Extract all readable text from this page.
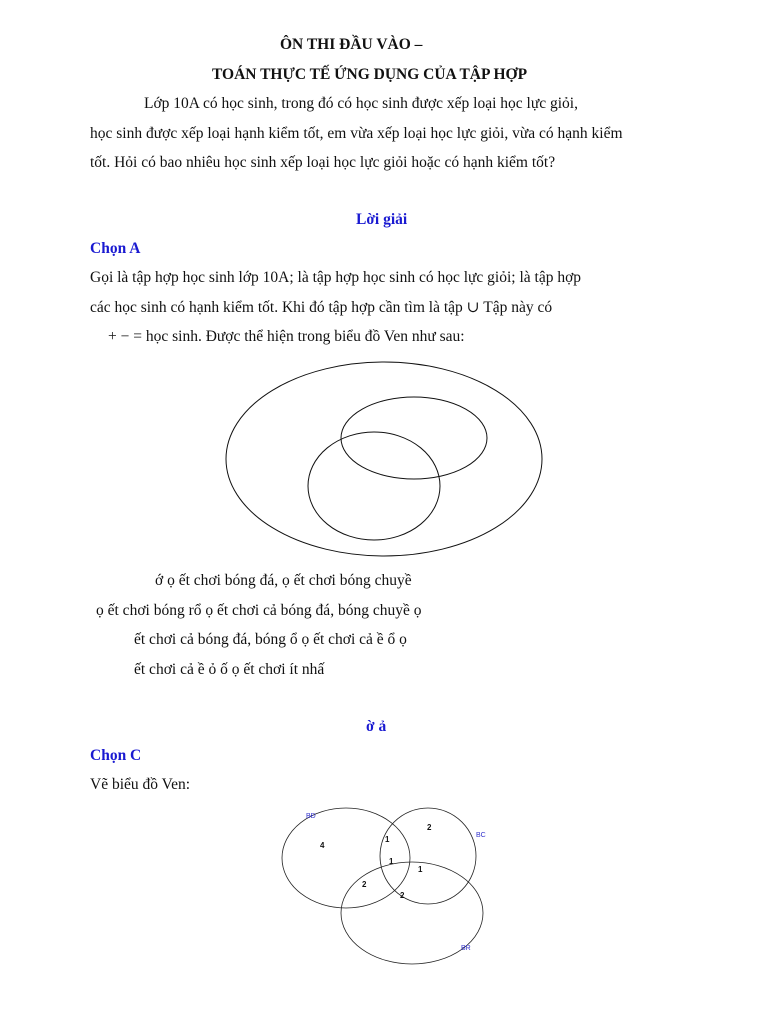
ÔN THI ĐẦU VÀO –
TOÁN THỰC TẾ ỨNG DỤNG CỦA TẬP HỢP
Lớp 10A có học sinh, trong đó có học sinh được xếp loại học lực giỏi,
học sinh được xếp loại hạnh kiểm tốt, em vừa xếp loại học lực giỏi, vừa có hạnh kiểm
tốt. Hỏi có bao nhiêu học sinh xếp loại học lực giỏi hoặc có hạnh kiểm tốt?
Lời giải
Chọn A
Gọi là tập hợp học sinh lớp 10A; là tập hợp học sinh có học lực giỏi; là tập hợp
các học sinh có hạnh kiểm tốt. Khi đó tập hợp cần tìm là tập ∪ Tập này có
+ − = học sinh. Được thể hiện trong biểu đồ Ven như sau:
ớ ọ ết chơi bóng đá, ọ ết chơi bóng chuyề
ọ ết chơi bóng rổ ọ ết chơi cả bóng đá, bóng chuyề ọ
ết chơi cả bóng đá, bóng ổ ọ ết chơi cả ề ổ ọ
ết chơi cả ề ỏ ố ọ ết chơi ít nhấ
ờ ả
Chọn C
Vẽ biểu đồ Ven:
BĐ
BC
BR
4
2
1
1
1
2
2
